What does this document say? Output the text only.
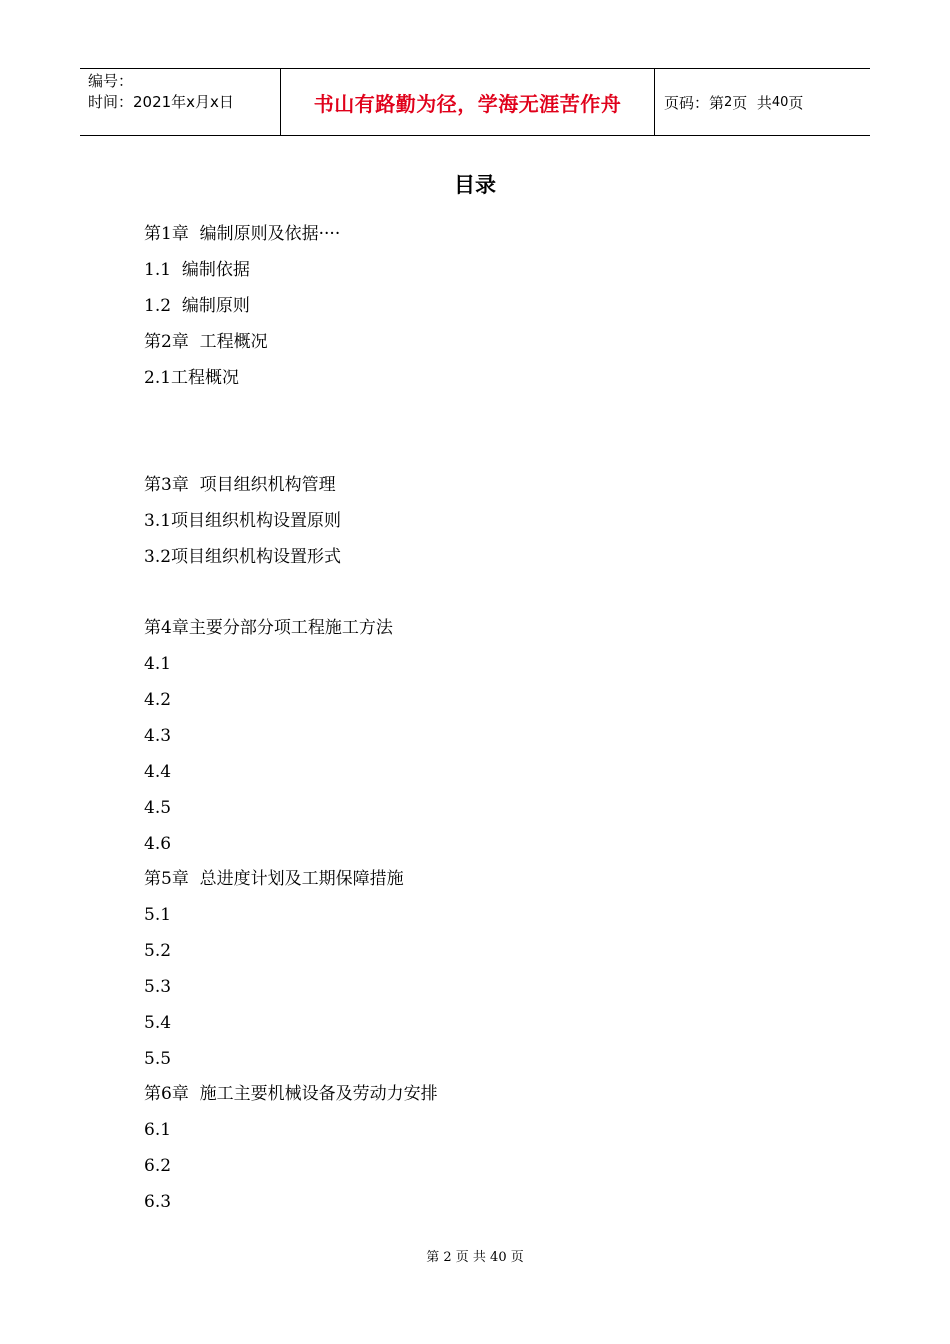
编号：
时间：2021年x月x日	书山有路勤为径，学海无涯苦作舟	页码：第 2 页  共 40 页
目录
第1章  编制原则及依据····
1.1  编制依据
1.2  编制原则
第2章  工程概况
2.1工程概况
第3章  项目组织机构管理
3.1项目组织机构设置原则
3.2项目组织机构设置形式
第4章主要分部分项工程施工方法
4.1
4.2
4.3
4.4
4.5
4.6
第5章  总进度计划及工期保障措施
5.1
5.2
5.3
5.4
5.5
第6章  施工主要机械设备及劳动力安排
6.1
6.2
6.3
第 2 页 共 40 页
